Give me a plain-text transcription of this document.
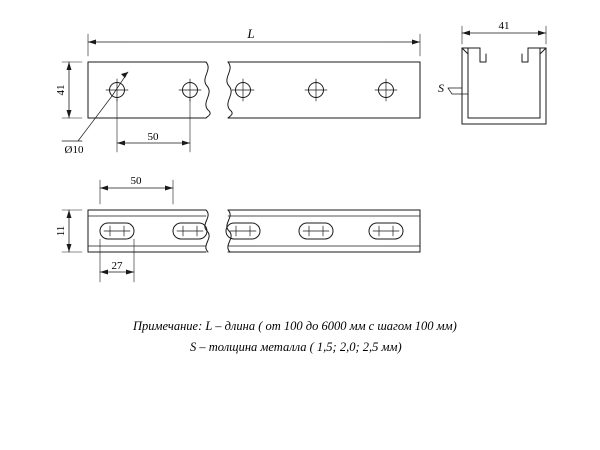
L
41
50
Ø10
41
S
50
11
27
Примечание: L – длина ( от 100 до 6000 мм с шагом 100 мм)
S – толщина металла ( 1,5; 2,0; 2,5 мм)
